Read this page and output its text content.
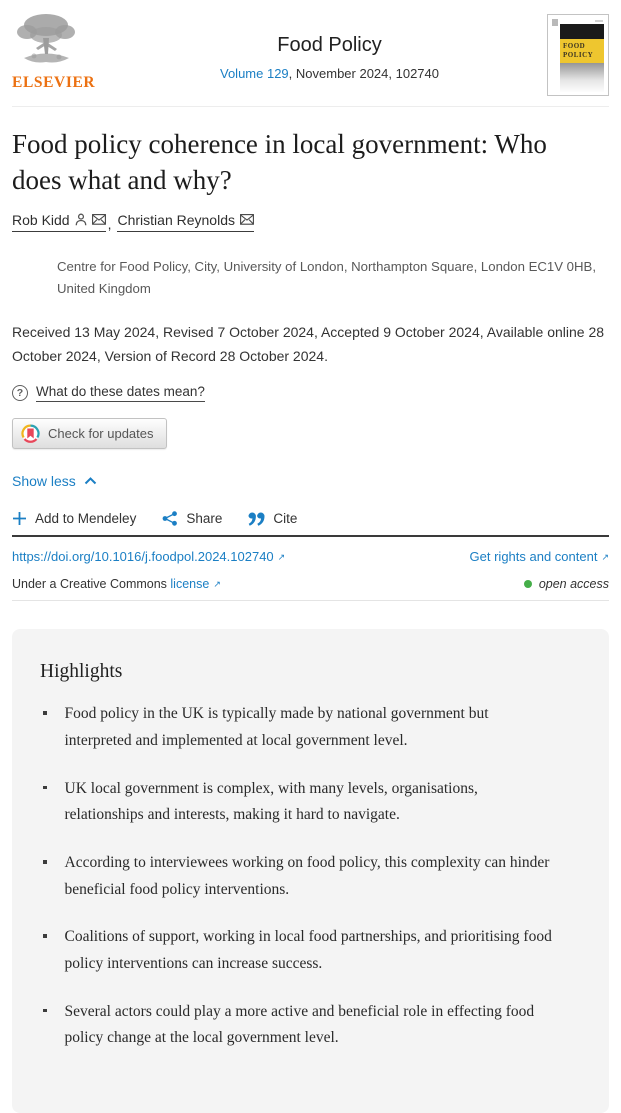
ELSEVIER
Food Policy
Volume 129, November 2024, 102740
FOOD POLICY
Food policy coherence in local government: Who does what and why?
Rob Kidd	, Christian Reynolds
Centre for Food Policy, City, University of London, Northampton Square, London EC1V 0HB, United Kingdom
Received 13 May 2024, Revised 7 October 2024, Accepted 9 October 2024, Available online 28 October 2024, Version of Record 28 October 2024.
? What do these dates mean?
Check for updates
Show less
Add to Mendeley	Share	Cite
https://doi.org/10.1016/j.foodpol.2024.102740 ↗	Get rights and content ↗
Under a Creative Commons license ↗	open access
Highlights
Food policy in the UK is typically made by national government but interpreted and implemented at local government level.
UK local government is complex, with many levels, organisations, relationships and interests, making it hard to navigate.
According to interviewees working on food policy, this complexity can hinder beneficial food policy interventions.
Coalitions of support, working in local food partnerships, and prioritising food policy interventions can increase success.
Several actors could play a more active and beneficial role in effecting food policy change at the local government level.
